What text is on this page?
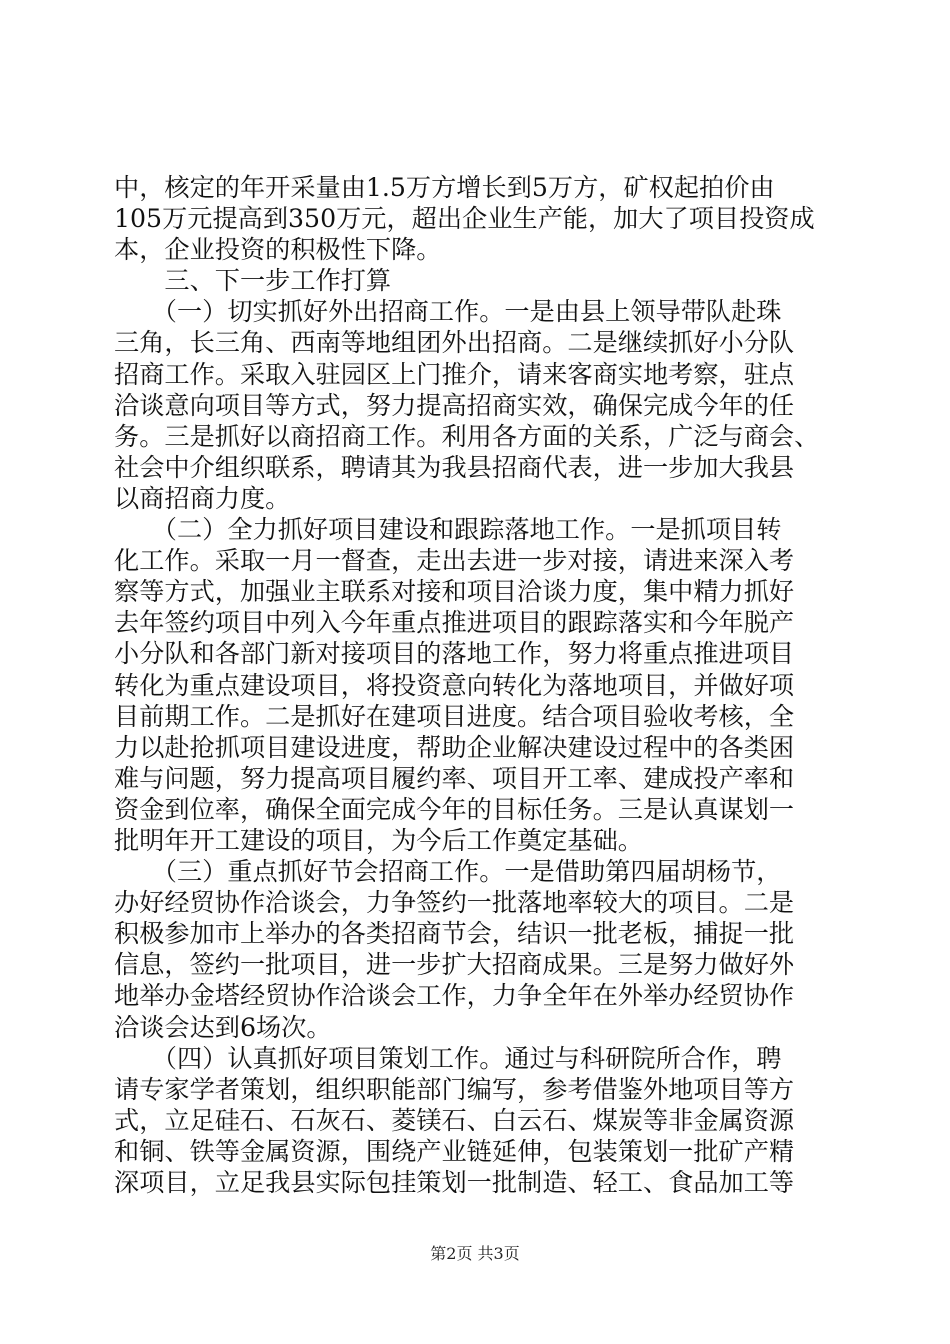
中，核定的年开采量由1.5万方增长到5万方，矿权起拍价由
105万元提高到350万元，超出企业生产能，加大了项目投资成
本，企业投资的积极性下降。
　　三、下一步工作打算
　　（一）切实抓好外出招商工作。一是由县上领导带队赴珠
三角，长三角、西南等地组团外出招商。二是继续抓好小分队
招商工作。采取入驻园区上门推介，请来客商实地考察，驻点
洽谈意向项目等方式，努力提高招商实效，确保完成今年的任
务。三是抓好以商招商工作。利用各方面的关系，广泛与商会、
社会中介组织联系，聘请其为我县招商代表，进一步加大我县
以商招商力度。
　　（二）全力抓好项目建设和跟踪落地工作。一是抓项目转
化工作。采取一月一督查，走出去进一步对接，请进来深入考
察等方式，加强业主联系对接和项目洽谈力度，集中精力抓好
去年签约项目中列入今年重点推进项目的跟踪落实和今年脱产
小分队和各部门新对接项目的落地工作，努力将重点推进项目
转化为重点建设项目，将投资意向转化为落地项目，并做好项
目前期工作。二是抓好在建项目进度。结合项目验收考核，全
力以赴抢抓项目建设进度，帮助企业解决建设过程中的各类困
难与问题，努力提高项目履约率、项目开工率、建成投产率和
资金到位率，确保全面完成今年的目标任务。三是认真谋划一
批明年开工建设的项目，为今后工作奠定基础。
　　（三）重点抓好节会招商工作。一是借助第四届胡杨节，
办好经贸协作洽谈会，力争签约一批落地率较大的项目。二是
积极参加市上举办的各类招商节会，结识一批老板，捕捉一批
信息，签约一批项目，进一步扩大招商成果。三是努力做好外
地举办金塔经贸协作洽谈会工作，力争全年在外举办经贸协作
洽谈会达到6场次。
　　（四）认真抓好项目策划工作。通过与科研院所合作，聘
请专家学者策划，组织职能部门编写，参考借鉴外地项目等方
式，立足硅石、石灰石、菱镁石、白云石、煤炭等非金属资源
和铜、铁等金属资源，围绕产业链延伸，包装策划一批矿产精
深项目，立足我县实际包挂策划一批制造、轻工、食品加工等
第2页 共3页
